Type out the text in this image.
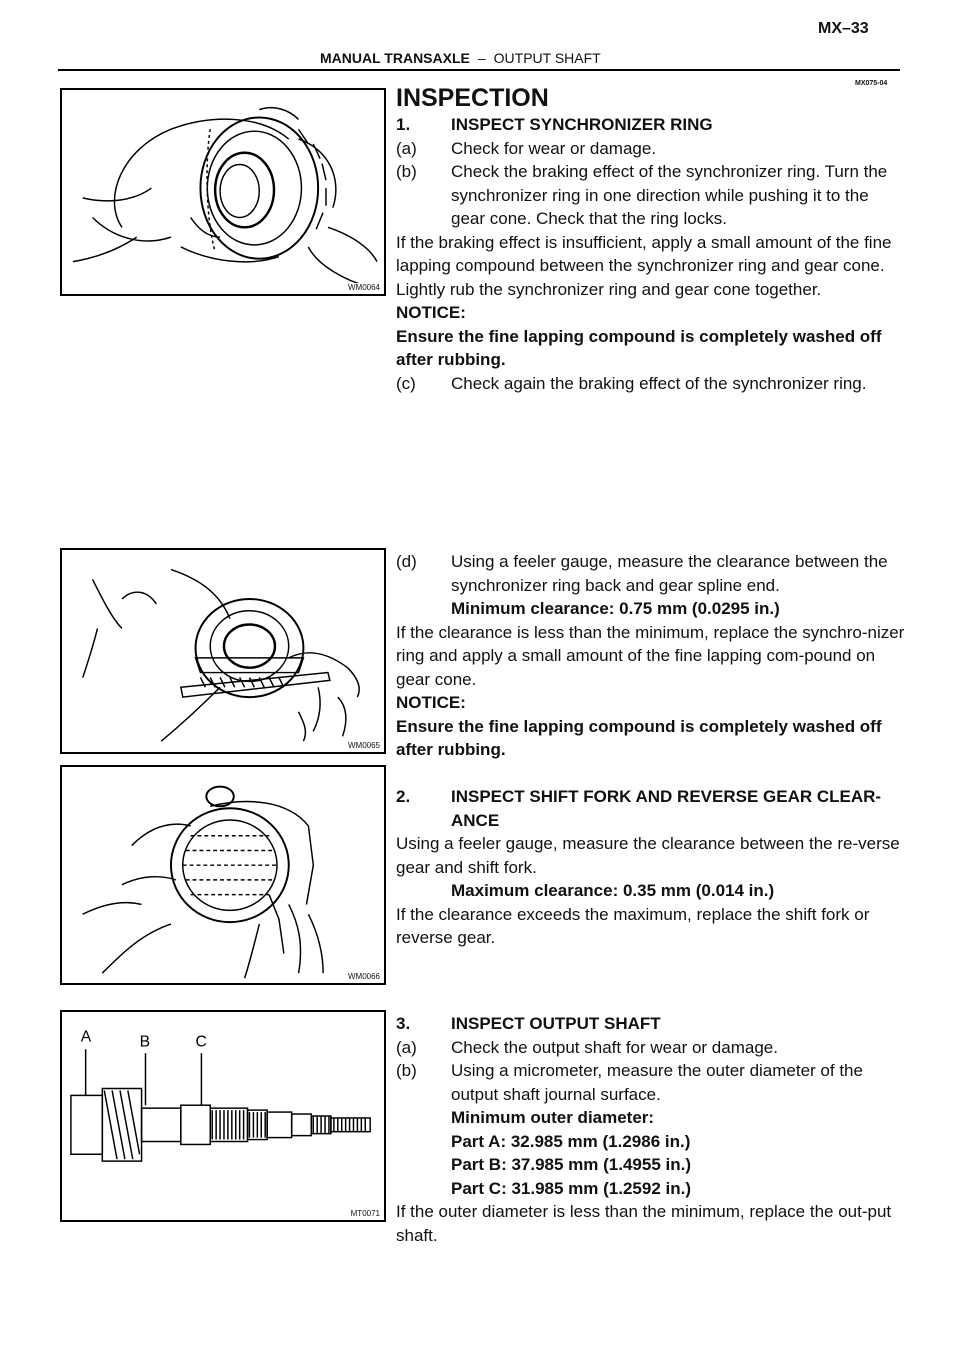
MX–33
MANUAL TRANSAXLE – OUTPUT SHAFT
MX075-04
WM0064
WM0065
WM0066
A	B	C
MT0071

INSPECTION

1. INSPECT SYNCHRONIZER RING

(a) Check for wear or damage.

(b) Check the braking effect of the synchronizer ring. Turn the synchronizer ring in one direction while pushing it to the gear cone. Check that the ring locks.

If the braking effect is insufficient, apply a small amount of the fine lapping compound between the synchronizer ring and gear cone. Lightly rub the synchronizer ring and gear cone together.

NOTICE:

Ensure the fine lapping compound is completely washed off after rubbing.

(c) Check again the braking effect of the synchronizer ring.

(d) Using a feeler gauge, measure the clearance between the synchronizer ring back and gear spline end.

Minimum clearance: 0.75 mm (0.0295 in.)

If the clearance is less than the minimum, replace the synchro-nizer ring and apply a small amount of the fine lapping com-pound on gear cone.

NOTICE:

Ensure the fine lapping compound is completely washed off after rubbing.

2. INSPECT SHIFT FORK AND REVERSE GEAR CLEAR-ANCE

Using a feeler gauge, measure the clearance between the re-verse gear and shift fork.

Maximum clearance: 0.35 mm (0.014 in.)

If the clearance exceeds the maximum, replace the shift fork or reverse gear.

3. INSPECT OUTPUT SHAFT

(a) Check the output shaft for wear or damage.

(b) Using a micrometer, measure the outer diameter of the output shaft journal surface.

Minimum outer diameter:

Part A: 32.985 mm (1.2986 in.)

Part B: 37.985 mm (1.4955 in.)

Part C: 31.985 mm (1.2592 in.)

If the outer diameter is less than the minimum, replace the out-put shaft.
